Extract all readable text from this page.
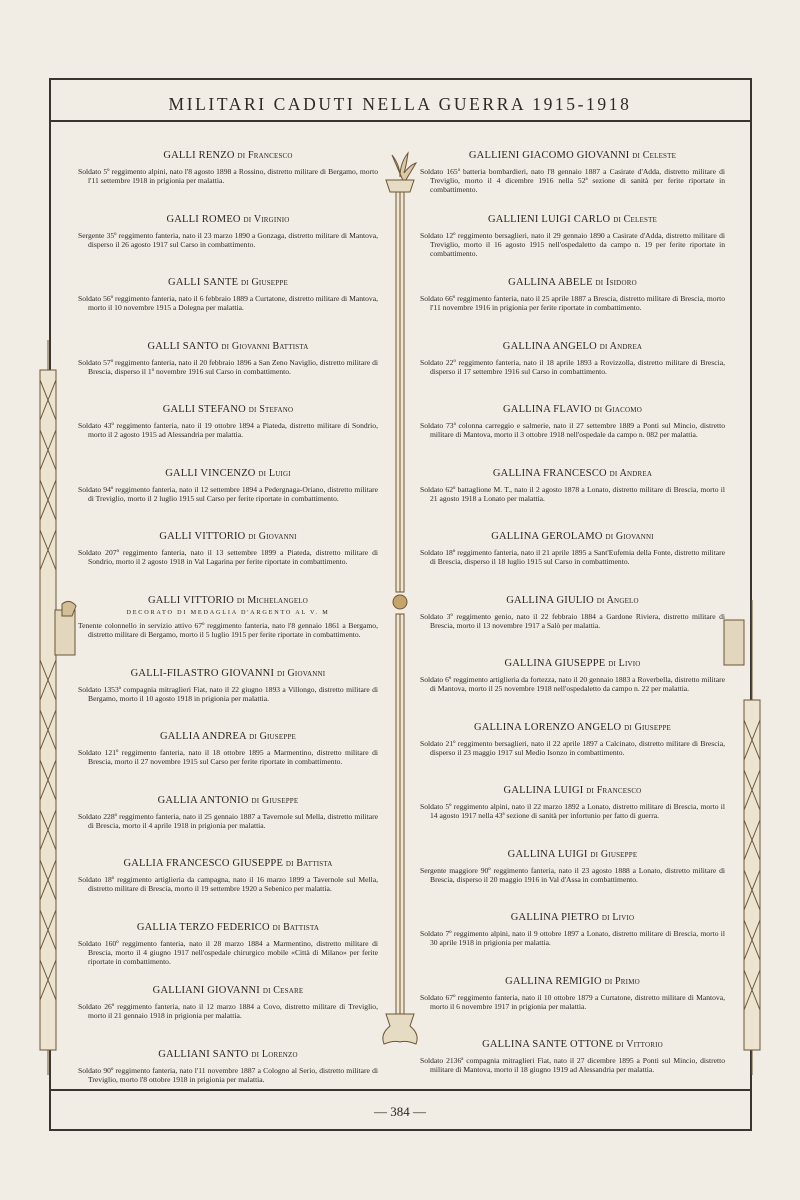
MILITARI CADUTI NELLA GUERRA 1915-1918
GALLI RENZO di Francesco
Soldato 5º reggimento alpini, nato l'8 agosto 1898 a Rossino, distretto militare di Bergamo, morto l'11 settembre 1918 in prigionia per malattia.
GALLI ROMEO di Virginio
Sergente 35º reggimento fanteria, nato il 23 marzo 1890 a Gonzaga, distretto militare di Mantova, disperso il 26 agosto 1917 sul Carso in combattimento.
GALLI SANTE di Giuseppe
Soldato 56º reggimento fanteria, nato il 6 febbraio 1889 a Curtatone, distretto militare di Mantova, morto il 10 novembre 1915 a Dolegna per malattia.
GALLI SANTO di Giovanni Battista
Soldato 57º reggimento fanteria, nato il 20 febbraio 1896 a San Zeno Naviglio, distretto militare di Brescia, disperso il 1º novembre 1916 sul Carso in combattimento.
GALLI STEFANO di Stefano
Soldato 43º reggimento fanteria, nato il 19 ottobre 1894 a Piateda, distretto militare di Sondrio, morto il 2 agosto 1915 ad Alessandria per malattia.
GALLI VINCENZO di Luigi
Soldato 94º reggimento fanteria, nato il 12 settembre 1894 a Pedergnaga-Oriano, distretto militare di Treviglio, morto il 2 luglio 1915 sul Carso per ferite riportate in combattimento.
GALLI VITTORIO di Giovanni
Soldato 207º reggimento fanteria, nato il 13 settembre 1899 a Piateda, distretto militare di Sondrio, morto il 2 agosto 1918 in Val Lagarina per ferite riportate in combattimento.
GALLI VITTORIO di Michelangelo
DECORATO DI MEDAGLIA D'ARGENTO AL V. M
Tenente colonnello in servizio attivo 67º reggimento fanteria, nato l'8 gennaio 1861 a Bergamo, distretto militare di Bergamo, morto il 5 luglio 1915 per ferite riportate in combattimento.
GALLI-FILASTRO GIOVANNI di Giovanni
Soldato 1353ª compagnia mitraglieri Fiat, nato il 22 giugno 1893 a Villongo, distretto militare di Bergamo, morto il 10 agosto 1918 in prigionia per malattia.
GALLIA ANDREA di Giuseppe
Soldato 121º reggimento fanteria, nato il 18 ottobre 1895 a Marmentino, distretto militare di Brescia, morto il 27 novembre 1915 sul Carso per ferite riportate in combattimento.
GALLIA ANTONIO di Giuseppe
Soldato 228º reggimento fanteria, nato il 25 gennaio 1887 a Tavernole sul Mella, distretto militare di Brescia, morto il 4 aprile 1918 in prigionia per malattia.
GALLIA FRANCESCO GIUSEPPE di Battista
Soldato 18º reggimento artiglieria da campagna, nato il 16 marzo 1899 a Tavernole sul Mella, distretto militare di Brescia, morto il 19 settembre 1920 a Sebenico per malattia.
GALLIA TERZO FEDERICO di Battista
Soldato 160º reggimento fanteria, nato il 28 marzo 1884 a Marmentino, distretto militare di Brescia, morto il 4 giugno 1917 nell'ospedale chirurgico mobile «Città di Milano» per ferite riportate in combattimento.
GALLIANI GIOVANNI di Cesare
Soldato 26º reggimento fanteria, nato il 12 marzo 1884 a Covo, distretto militare di Treviglio, morto il 21 gennaio 1918 in prigionia per malattia.
GALLIANI SANTO di Lorenzo
Soldato 90º reggimento fanteria, nato l'11 novembre 1887 a Cologno al Serio, distretto militare di Treviglio, morto l'8 ottobre 1918 in prigionia per malattia.
GALLIENI GIACOMO GIOVANNI di Celeste
Soldato 165ª batteria bombardieri, nato l'8 gennaio 1887 a Casirate d'Adda, distretto militare di Treviglio, morto il 4 dicembre 1916 nella 52ª sezione di sanità per ferite riportate in combattimento.
GALLIENI LUIGI CARLO di Celeste
Soldato 12º reggimento bersaglieri, nato il 29 gennaio 1890 a Casirate d'Adda, distretto militare di Treviglio, morto il 16 agosto 1915 nell'ospedaletto da campo n. 19 per ferite riportate in combattimento.
GALLINA ABELE di Isidoro
Soldato 66º reggimento fanteria, nato il 25 aprile 1887 a Brescia, distretto militare di Brescia, morto l'11 novembre 1916 in prigionia per ferite riportate in combattimento.
GALLINA ANGELO di Andrea
Soldato 22º reggimento fanteria, nato il 18 aprile 1893 a Rovizzolla, distretto militare di Brescia, disperso il 17 settembre 1916 sul Carso in combattimento.
GALLINA FLAVIO di Giacomo
Soldato 73ª colonna carreggio e salmerie, nato il 27 settembre 1889 a Ponti sul Mincio, distretto militare di Mantova, morto il 3 ottobre 1918 nell'ospedale da campo n. 082 per malattia.
GALLINA FRANCESCO di Andrea
Soldato 62º battaglione M. T., nato il 2 agosto 1878 a Lonato, distretto militare di Brescia, morto il 21 agosto 1918 a Lonato per malattia.
GALLINA GEROLAMO di Giovanni
Soldato 18º reggimento fanteria, nato il 21 aprile 1895 a Sant'Eufemia della Fonte, distretto militare di Brescia, disperso il 18 luglio 1915 sul Carso in combattimento.
GALLINA GIULIO di Angelo
Soldato 3º reggimento genio, nato il 22 febbraio 1884 a Gardone Riviera, distretto militare di Brescia, morto il 13 novembre 1917 a Salò per malattia.
GALLINA GIUSEPPE di Livio
Soldato 6º reggimento artiglieria da fortezza, nato il 20 gennaio 1883 a Roverbella, distretto militare di Mantova, morto il 25 novembre 1918 nell'ospedaletto da campo n. 22 per malattia.
GALLINA LORENZO ANGELO di Giuseppe
Soldato 21º reggimento bersaglieri, nato il 22 aprile 1897 a Calcinato, distretto militare di Brescia, disperso il 23 maggio 1917 sul Medio Isonzo in combattimento.
GALLINA LUIGI di Francesco
Soldato 5º reggimento alpini, nato il 22 marzo 1892 a Lonato, distretto militare di Brescia, morto il 14 agosto 1917 nella 43ª sezione di sanità per infortunio per fatto di guerra.
GALLINA LUIGI di Giuseppe
Sergente maggiore 90º reggimento fanteria, nato il 23 agosto 1888 a Lonato, distretto militare di Brescia, disperso il 20 maggio 1916 in Val d'Assa in combattimento.
GALLINA PIETRO di Livio
Soldato 7º reggimento alpini, nato il 9 ottobre 1897 a Lonato, distretto militare di Brescia, morto il 30 aprile 1918 in prigionia per malattia.
GALLINA REMIGIO di Primo
Soldato 67º reggimento fanteria, nato il 10 ottobre 1879 a Curtatone, distretto militare di Mantova, morto il 6 novembre 1917 in prigionia per malattia.
GALLINA SANTE OTTONE di Vittorio
Soldato 2136ª compagnia mitraglieri Fiat, nato il 27 dicembre 1895 a Ponti sul Mincio, distretto militare di Mantova, morto il 18 giugno 1919 ad Alessandria per malattia.
— 384 —
